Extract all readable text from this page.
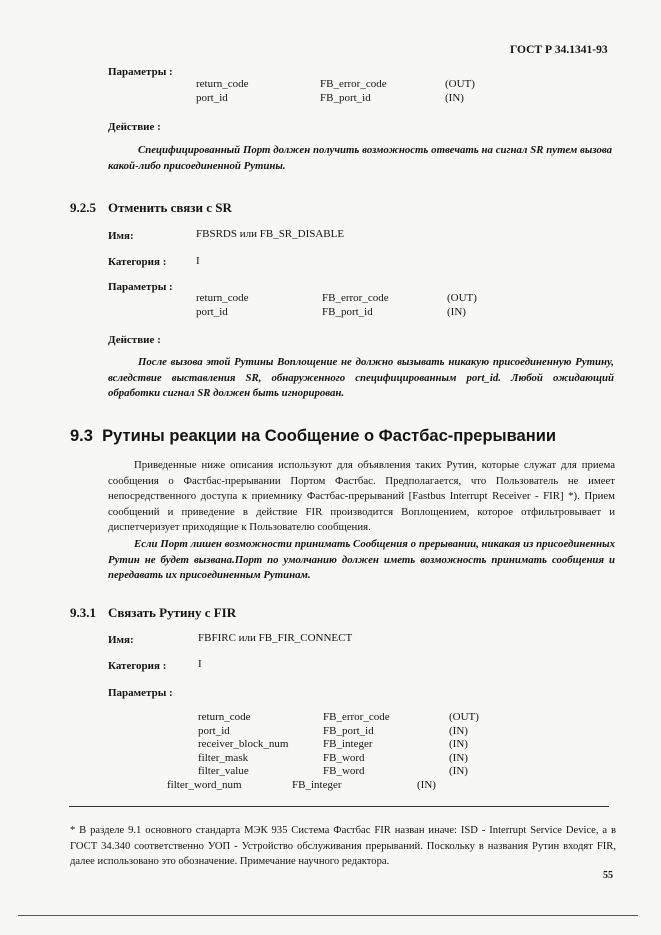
ГОСТ Р 34.1341-93
Параметры :
return_code	FB_error_code	(OUT)
port_id	FB_port_id	(IN)
Действие :
Специфицированный Порт должен получить возможность отвечать на сигнал SR путем вызова какой-либо присоединенной Рутины.
9.2.5 Отменить связи с SR
Имя:	FBSRDS или FB_SR_DISABLE
Категория :	I
Параметры :
return_code	FB_error_code	(OUT)
port_id	FB_port_id	(IN)
Действие :
После вызова этой Рутины Воплощение не должно вызывать никакую присоединенную Рутину, вследствие выставления SR, обнаруженного специфицированным port_id. Любой ожидающий обработки сигнал SR должен быть игнорирован.
9.3 Рутины реакции на Сообщение о Фастбас-прерывании
Приведенные ниже описания используют для объявления таких Рутин, которые служат для приема сообщения о Фастбас-прерывании Портом Фастбас. Предполагается, что Пользователь не имеет непосредственного доступа к приемнику Фастбас-прерываний [Fastbus Interrupt Receiver - FIR] *). Прием сообщений и приведение в действие FIR производится Воплощением, которое отфильтровывает и диспетчеризует приходящие к Пользователю сообщения.
Если Порт лишен возможности принимать Сообщения о прерывании, никакая из присоединенных Рутин не будет вызвана.Порт по умолчанию должен иметь возможность принимать сообщения и передавать их присоединенным Рутинам.
9.3.1 Связать Рутину с FIR
Имя:	FBFIRC или FB_FIR_CONNECT
Категория :	I
Параметры :
return_code	FB_error_code	(OUT)
port_id	FB_port_id	(IN)
receiver_block_num	FB_integer	(IN)
filter_mask	FB_word	(IN)
filter_value	FB_word	(IN)
filter_word_num	FB_integer	(IN)
* В разделе 9.1 основного стандарта МЭК 935 Система Фастбас FIR назван иначе: ISD - Interrupt Service Device, а в ГОСТ 34.340 соответственно УОП - Устройство обслуживания прерываний. Поскольку в названия Рутин входят FIR, далее использовано это обозначение. Примечание научного редактора.
55
